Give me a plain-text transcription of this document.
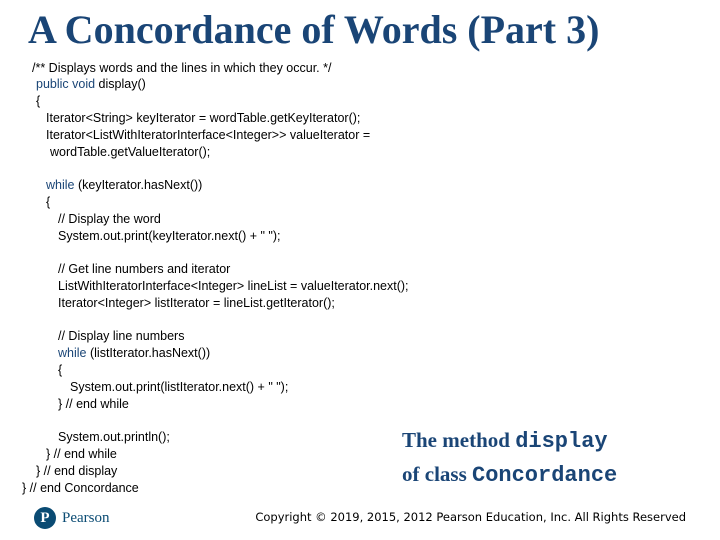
A Concordance of Words (Part 3)
/** Displays words and the lines in which they occur. */
public void display()
{
Iterator<String> keyIterator = wordTable.getKeyIterator();
Iterator<ListWithIteratorInterface<Integer>> valueIterator =
wordTable.getValueIterator();
while (keyIterator.hasNext())
{
// Display the word
System.out.print(keyIterator.next() + " ");
// Get line numbers and iterator
ListWithIteratorInterface<Integer> lineList = valueIterator.next();
Iterator<Integer> listIterator = lineList.getIterator();
// Display line numbers
while (listIterator.hasNext())
{
System.out.print(listIterator.next() + " ");
} // end while
System.out.println();
} // end while
} // end display
} // end Concordance
The method display
of class Concordance
P Pearson	Copyright © 2019, 2015, 2012 Pearson Education, Inc. All Rights Reserved
